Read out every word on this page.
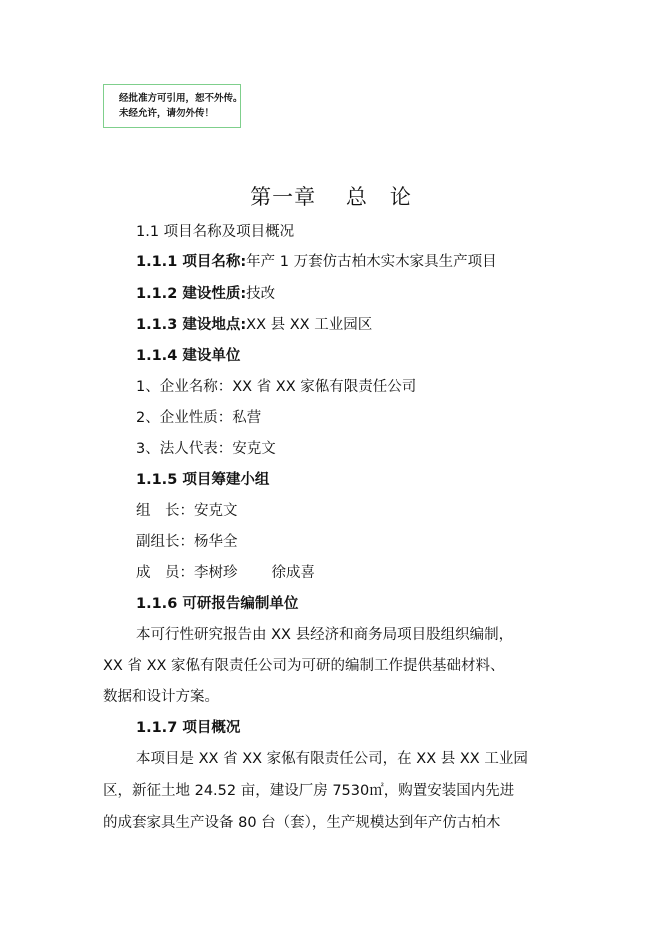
经批准方可引用，恕不外传。
未经允许，请勿外传！
第一章　 总　论
1.1 项目名称及项目概况
1.1.1 项目名称:年产 1 万套仿古柏木实木家具生产项目
1.1.2 建设性质:技改
1.1.3 建设地点:XX 县 XX 工业园区
1.1.4 建设单位
1、企业名称：XX 省 XX 家俬有限责任公司
2、企业性质：私营
3、法人代表：安克文
1.1.5 项目筹建小组
组　长：安克文
副组长：杨华全
成　员：李树珍 徐成喜
1.1.6 可研报告编制单位
本可行性研究报告由 XX 县经济和商务局项目股组织编制，
XX 省 XX 家俬有限责任公司为可研的编制工作提供基础材料、
数据和设计方案。
1.1.7 项目概况
本项目是 XX 省 XX 家俬有限责任公司，在 XX 县 XX 工业园
区，新征土地 24.52 亩，建设厂房 7530㎡，购置安装国内先进
的成套家具生产设备 80 台（套），生产规模达到年产仿古柏木
